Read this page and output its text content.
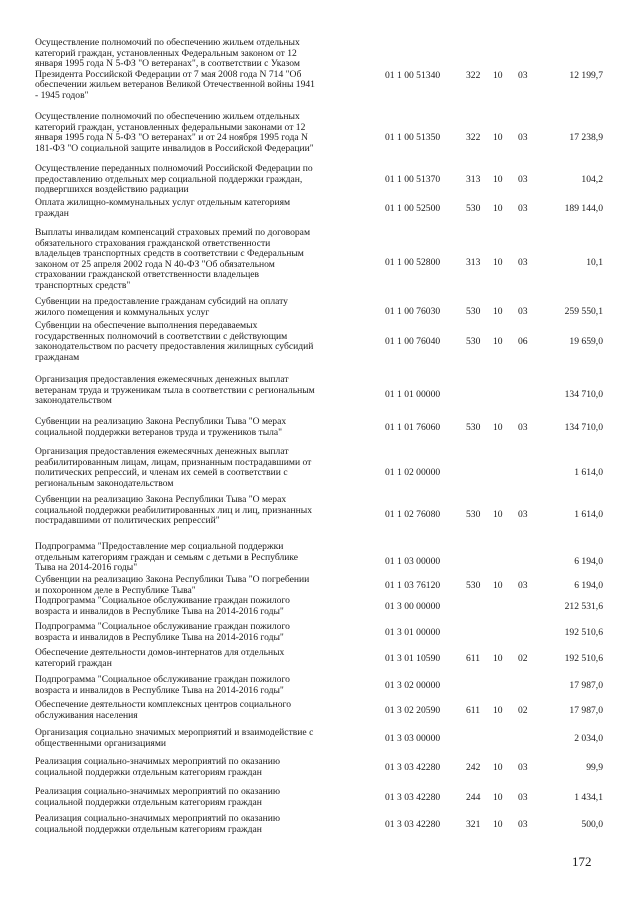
Осуществление полномочий по обеспечению жильем отдельных
категорий граждан, установленных Федеральным законом от 12
января 1995 года N 5-ФЗ "О ветеранах", в соответствии с Указом
Президента Российской Федерации от 7 мая 2008 года N 714 "Об
обеспечении жильем ветеранов Великой Отечественной войны 1941
- 1945 годов"
01 1 00 51340	322 10 03	12 199,7
Осуществление полномочий по обеспечению жильем отдельных
категорий граждан, установленных федеральными законами от 12
января 1995 года N 5-ФЗ "О ветеранах" и от 24 ноября 1995 года N
181-ФЗ "О социальной защите инвалидов в Российской Федерации"
01 1 00 51350	322 10 03	17 238,9
Осуществление переданных полномочий Российской Федерации по
предоставлению отдельных мер социальной поддержки граждан,
подвергшихся воздействию радиации
01 1 00 51370	313 10 03	104,2
Оплата жилищно-коммунальных услуг отдельным категориям
граждан	01 1 00 52500	530 10 03	189 144,0
Выплаты инвалидам компенсаций страховых премий по договорам
обязательного страхования гражданской ответственности
владельцев транспортных средств в соответствии с Федеральным
законом от 25 апреля 2002 года N 40-ФЗ "Об обязательном
страховании гражданской ответственности владельцев
транспортных средств"
01 1 00 52800	313 10 03	10,1
Субвенции на предоставление гражданам субсидий на оплату
жилого помещения и коммунальных услуг	01 1 00 76030	530 10 03	259 550,1
Субвенции на обеспечение выполнения передаваемых
государственных полномочий в соответствии с действующим
законодательством по расчету предоставления жилищных субсидий
гражданам
01 1 00 76040	530 10 06	19 659,0
Организация предоставления ежемесячных денежных выплат
ветеранам труда и труженикам тыла в соответствии с региональным
законодательством
01 1 01 00000	134 710,0
Субвенции на реализацию Закона Республики Тыва "О мерах
социальной поддержки ветеранов труда и тружеников тыла"	01 1 01 76060	530 10 03	134 710,0
Организация предоставления ежемесячных денежных выплат
реабилитированным лицам, лицам, признанным пострадавшими от
политических репрессий, и членам их семей в соответствии с
региональным законодательством
01 1 02 00000	1 614,0
Субвенции на реализацию Закона Республики Тыва "О мерах
социальной поддержки реабилитированных лиц и лиц, признанных
пострадавшими от политических репрессий"
01 1 02 76080	530 10 03	1 614,0
Подпрограмма "Предоставление мер социальной поддержки
отдельным категориям граждан и семьям с детьми в Республике
Тыва на 2014-2016 годы"
01 1 03 00000	6 194,0
Субвенции на реализацию Закона Республики Тыва "О погребении
и похоронном деле в Республике Тыва"	01 1 03 76120	530 10 03	6 194,0
Подпрограмма "Социальное обслуживание граждан пожилого
возраста и инвалидов в Республике Тыва на 2014-2016 годы"	01 3 00 00000	212 531,6
Подпрограмма "Социальное обслуживание граждан пожилого
возраста и инвалидов в Республике Тыва на 2014-2016 годы"	01 3 01 00000	192 510,6
Обеспечение деятельности домов-интернатов для отдельных
категорий граждан	01 3 01 10590	611 10 02	192 510,6
Подпрограмма "Социальное обслуживание граждан пожилого
возраста и инвалидов в Республике Тыва на 2014-2016 годы"	01 3 02 00000	17 987,0
Обеспечение деятельности комплексных центров социального
обслуживания населения	01 3 02 20590	611 10 02	17 987,0
Организация социально значимых мероприятий и взаимодействие с
общественными организациями	01 3 03 00000	2 034,0
Реализация социально-значимых мероприятий по оказанию
социальной поддержки отдельным категориям граждан	01 3 03 42280	242 10 03	99,9
Реализация социально-значимых мероприятий по оказанию
социальной поддержки отдельным категориям граждан	01 3 03 42280	244 10 03	1 434,1
Реализация социально-значимых мероприятий по оказанию
социальной поддержки отдельным категориям граждан	01 3 03 42280	321 10 03	500,0
172
